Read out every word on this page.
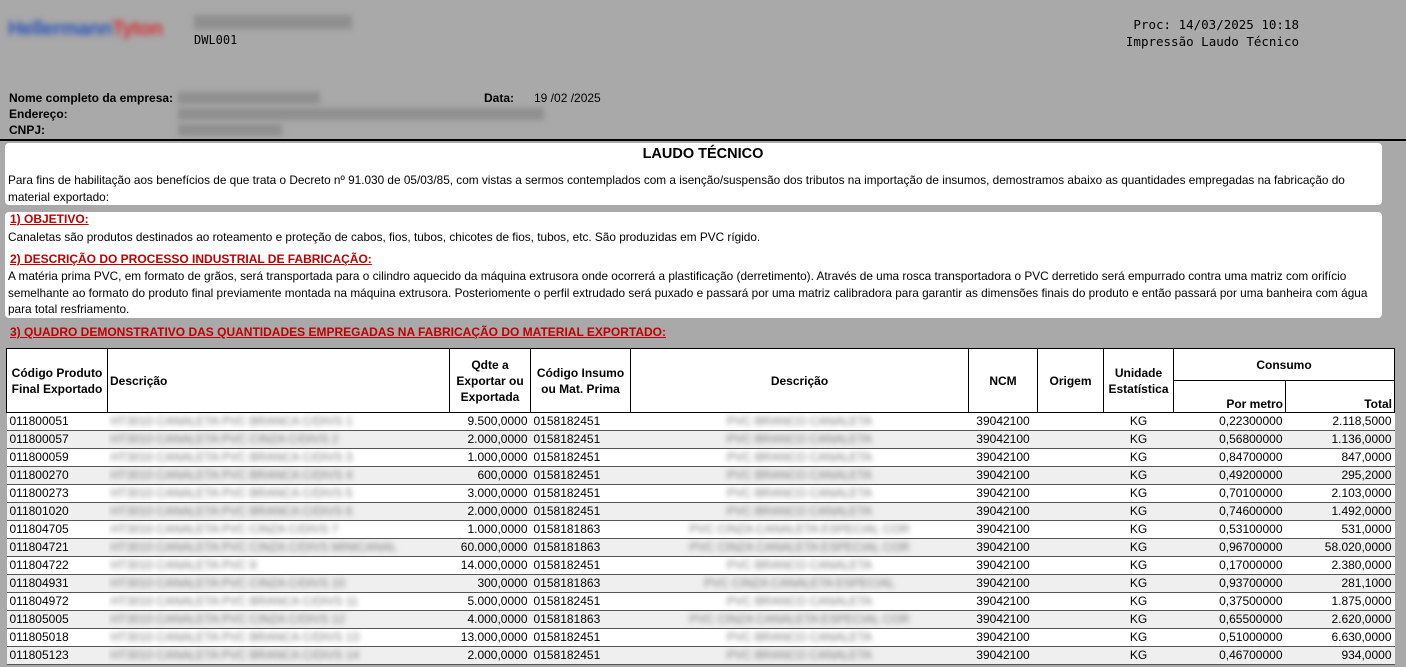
HellermannTyton	DWL001
Proc: 14/03/2025 10:18
Impressão Laudo Técnico
Nome completo da empresa:
Endereço:
CNPJ:
Data: 19 /02 /2025
LAUDO TÉCNICO
Para fins de habilitação aos benefícios de que trata o Decreto nº 91.030 de 05/03/85, com vistas a sermos contemplados com a isenção/suspensão dos tributos na importação de insumos, demostramos abaixo as quantidades empregadas na fabricação do material exportado:
1) OBJETIVO:
Canaletas são produtos destinados ao roteamento e proteção de cabos, fios, tubos, chicotes de fios, tubos, etc. São produzidas em PVC rígido.
2) DESCRIÇÃO DO PROCESSO INDUSTRIAL DE FABRICAÇÃO:
A matéria prima PVC, em formato de grãos, será transportada para o cilindro aquecido da máquina extrusora onde ocorrerá a plastificação (derretimento). Através de uma rosca transportadora o PVC derretido será empurrado contra uma matriz com orifício semelhante ao formato do produto final previamente montada na máquina extrusora. Posteriomente o perfil extrudado será puxado e passará por uma matriz calibradora para garantir as dimensões finais do produto e então passará por uma banheira com água para total resfriamento.
3) QUADRO DEMONSTRATIVO DAS QUANTIDADES EMPREGADAS NA FABRICAÇÃO DO MATERIAL EXPORTADO:
Código Produto Final Exportado	Descrição	Qdte a Exportar ou Exportada	Código Insumo ou Mat. Prima	Descrição	NCM	Origem	Unidade Estatística	Consumo	
								Por metro	Total
011800051	HT3010 CANALETA PVC BRANCA C/DIVS 1	9.500,0000	0158182451	PVC BRANCO CANALETA	39042100		KG	0,22300000	2.118,5000
011800057	HT3010 CANALETA PVC CINZA C/DIVS 2	2.000,0000	0158182451	PVC BRANCO CANALETA	39042100		KG	0,56800000	1.136,0000
011800059	HT3010 CANALETA PVC BRANCA C/DIVS 3	1.000,0000	0158182451	PVC BRANCO CANALETA	39042100		KG	0,84700000	847,0000
011800270	HT3010 CANALETA PVC BRANCA C/DIVS 4	600,0000	0158182451	PVC BRANCO CANALETA	39042100		KG	0,49200000	295,2000
011800273	HT3010 CANALETA PVC BRANCA C/DIVS 5	3.000,0000	0158182451	PVC BRANCO CANALETA	39042100		KG	0,70100000	2.103,0000
011801020	HT3010 CANALETA PVC BRANCA C/DIVS 6	2.000,0000	0158182451	PVC BRANCO CANALETA	39042100		KG	0,74600000	1.492,0000
011804705	HT3010 CANALETA PVC CINZA C/DIVS 7	1.000,0000	0158181863	PVC CINZA CANALETA ESPECIAL COR	39042100		KG	0,53100000	531,0000
011804721	HT3010 CANALETA PVC CINZA C/DIVS MINICANAL	60.000,0000	0158181863	PVC CINZA CANALETA ESPECIAL COR	39042100		KG	0,96700000	58.020,0000
011804722	HT3010 CANALETA PVC 9	14.000,0000	0158182451	PVC BRANCO CANALETA	39042100		KG	0,17000000	2.380,0000
011804931	HT3010 CANALETA PVC CINZA C/DIVS 10	300,0000	0158181863	PVC CINZA CANALETA ESPECIAL	39042100		KG	0,93700000	281,1000
011804972	HT3010 CANALETA PVC BRANCA C/DIVS 11	5.000,0000	0158182451	PVC BRANCO CANALETA	39042100		KG	0,37500000	1.875,0000
011805005	HT3010 CANALETA PVC CINZA C/DIVS 12	4.000,0000	0158181863	PVC CINZA CANALETA ESPECIAL COR	39042100		KG	0,65500000	2.620,0000
011805018	HT3010 CANALETA PVC BRANCA C/DIVS 13	13.000,0000	0158182451	PVC BRANCO CANALETA	39042100		KG	0,51000000	6.630,0000
011805123	HT3010 CANALETA PVC BRANCA C/DIVS 14	2.000,0000	0158182451	PVC BRANCO CANALETA	39042100		KG	0,46700000	934,0000
